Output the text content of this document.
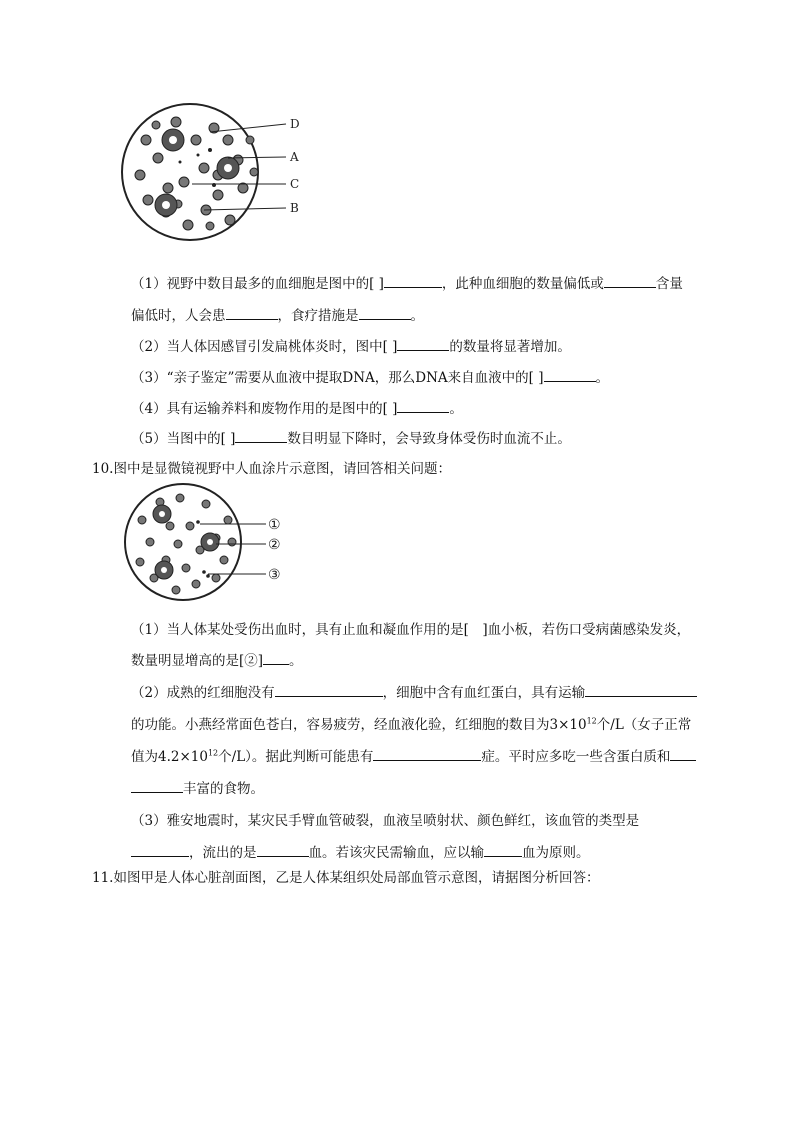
D
A
C
B
（1）视野中数目最多的血细胞是图中的[ ]	，此种血细胞的数量偏低或	含量
偏低时，人会患	，食疗措施是	。
（2）当人体因感冒引发扁桃体炎时，图中[ ]	的数量将显著增加。
（3）“亲子鉴定”需要从血液中提取DNA，那么DNA来自血液中的[ ]	。
（4）具有运输养料和废物作用的是图中的[ ]	。
（5）当图中的[ ]	数目明显下降时，会导致身体受伤时血流不止。
10.图中是显微镜视野中人血涂片示意图，请回答相关问题：
①
②
③
（1）当人体某处受伤出血时，具有止血和凝血作用的是[　]血小板，若伤口受病菌感染发炎，
数量明显增高的是[②] 。
（2）成熟的红细胞没有	，细胞中含有血红蛋白，具有运输
的功能。小燕经常面色苍白，容易疲劳，经血液化验，红细胞的数目为$3\times 10^{12}$个/L（女子正常
值为$4.2\times 10^{12}$个/L）。据此判断可能患有	症。平时应多吃一些含蛋白质和
丰富的食物。
（3）雅安地震时，某灾民手臂血管破裂，血液呈喷射状、颜色鲜红，该血管的类型是
，流出的是	血。若该灾民需输血，应以输	血为原则。
11.如图甲是人体心脏剖面图，乙是人体某组织处局部血管示意图，请据图分析回答：
